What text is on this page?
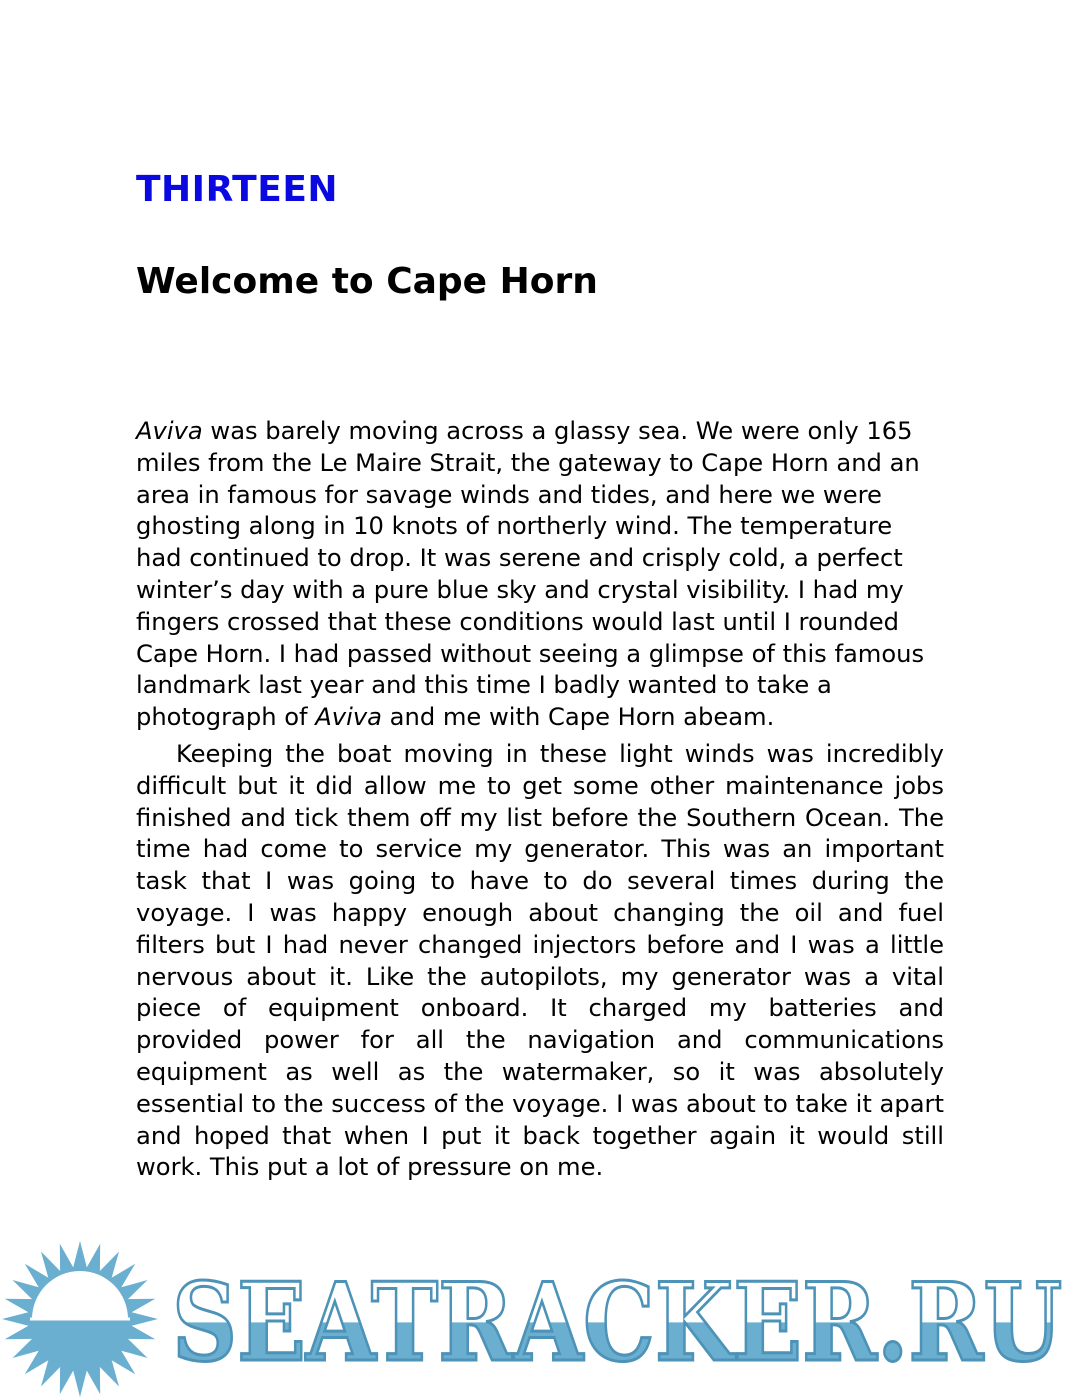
THIRTEEN
Welcome to Cape Horn

Aviva was barely moving across a glassy sea. We were only 165 miles from the Le Maire Strait, the gateway to Cape Horn and an area in famous for savage winds and tides, and here we were ghosting along in 10 knots of northerly wind. The temperature had continued to drop. It was serene and crisply cold, a perfect winter’s day with a pure blue sky and crystal visibility. I had my fingers crossed that these conditions would last until I rounded Cape Horn. I had passed without seeing a glimpse of this famous landmark last year and this time I badly wanted to take a photograph of Aviva and me with Cape Horn abeam.

Keeping the boat moving in these light winds was incredibly difficult but it did allow me to get some other maintenance jobs finished and tick them off my list before the Southern Ocean. The time had come to service my generator. This was an important task that I was going to have to do several times during the voyage. I was happy enough about changing the oil and fuel filters but I had never changed injectors before and I was a little nervous about it. Like the autopilots, my generator was a vital piece of equipment onboard. It charged my batteries and provided power for all the navigation and communications equipment as well as the watermaker, so it was absolutely essential to the success of the voyage. I was about to take it apart and hoped that when I put it back together again it would still work. This put a lot of pressure on me.

SEATRACKER.RU
